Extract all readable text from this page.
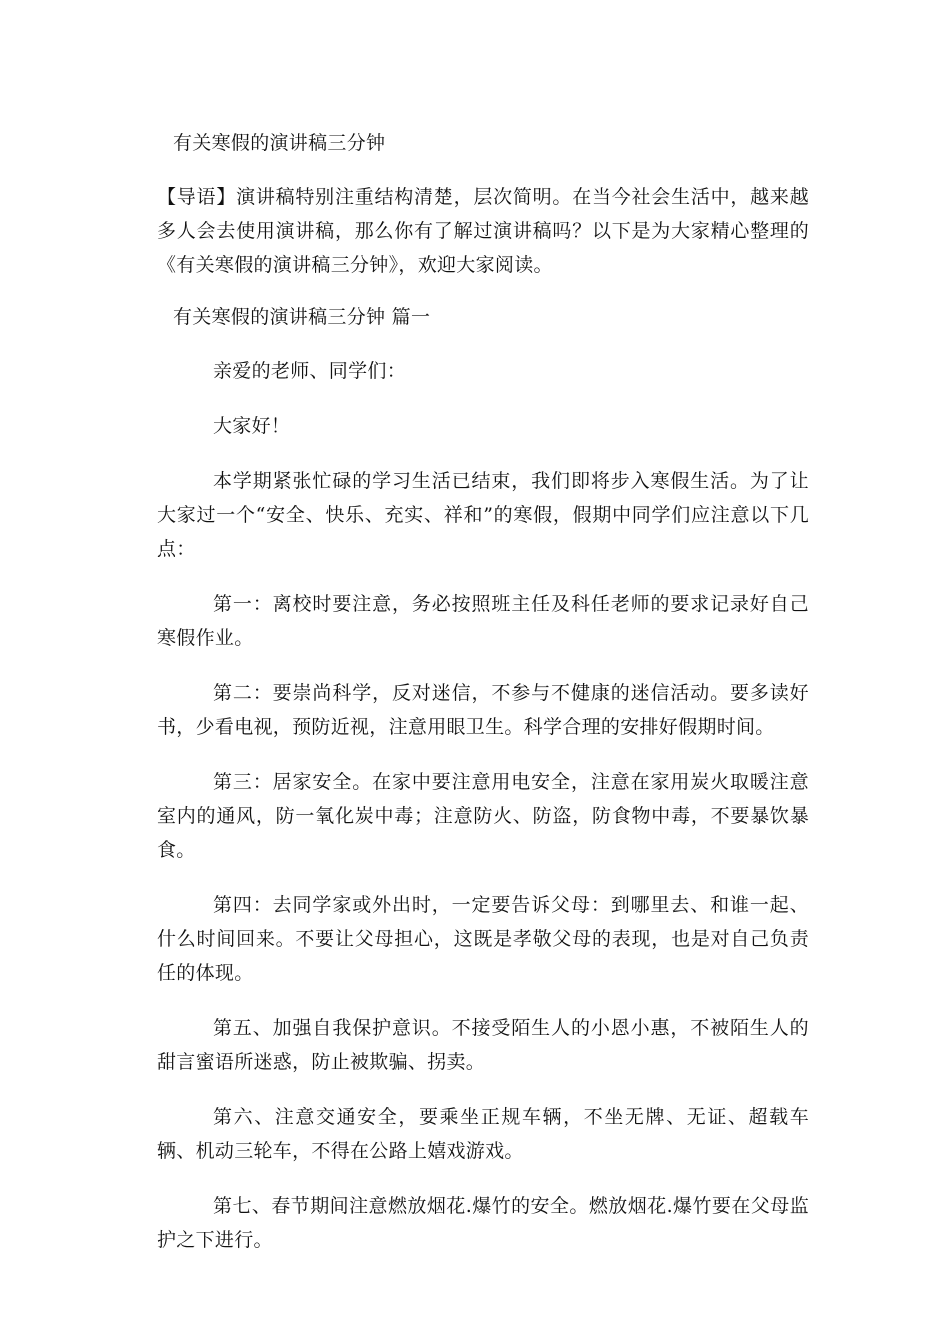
有关寒假的演讲稿三分钟

【导语】演讲稿特别注重结构清楚，层次简明。在当今社会生活中，越来越多人会去使用演讲稿，那么你有了解过演讲稿吗？以下是为大家精心整理的《有关寒假的演讲稿三分钟》，欢迎大家阅读。

有关寒假的演讲稿三分钟 篇一

亲爱的老师、同学们：

大家好！

本学期紧张忙碌的学习生活已结束，我们即将步入寒假生活。为了让大家过一个“安全、快乐、充实、祥和”的寒假，假期中同学们应注意以下几点：

第一：离校时要注意，务必按照班主任及科任老师的要求记录好自己寒假作业。

第二：要崇尚科学，反对迷信，不参与不健康的迷信活动。要多读好书，少看电视，预防近视，注意用眼卫生。科学合理的安排好假期时间。

第三：居家安全。在家中要注意用电安全，注意在家用炭火取暖注意室内的通风，防一氧化炭中毒；注意防火、防盗，防食物中毒，不要暴饮暴食。

第四：去同学家或外出时，一定要告诉父母：到哪里去、和谁一起、什么时间回来。不要让父母担心，这既是孝敬父母的表现，也是对自己负责任的体现。

第五、加强自我保护意识。不接受陌生人的小恩小惠，不被陌生人的甜言蜜语所迷惑，防止被欺骗、拐卖。

第六、注意交通安全，要乘坐正规车辆，不坐无牌、无证、超载车辆、机动三轮车，不得在公路上嬉戏游戏。

第七、春节期间注意燃放烟花.爆竹的安全。燃放烟花.爆竹要在父母监护之下进行。
